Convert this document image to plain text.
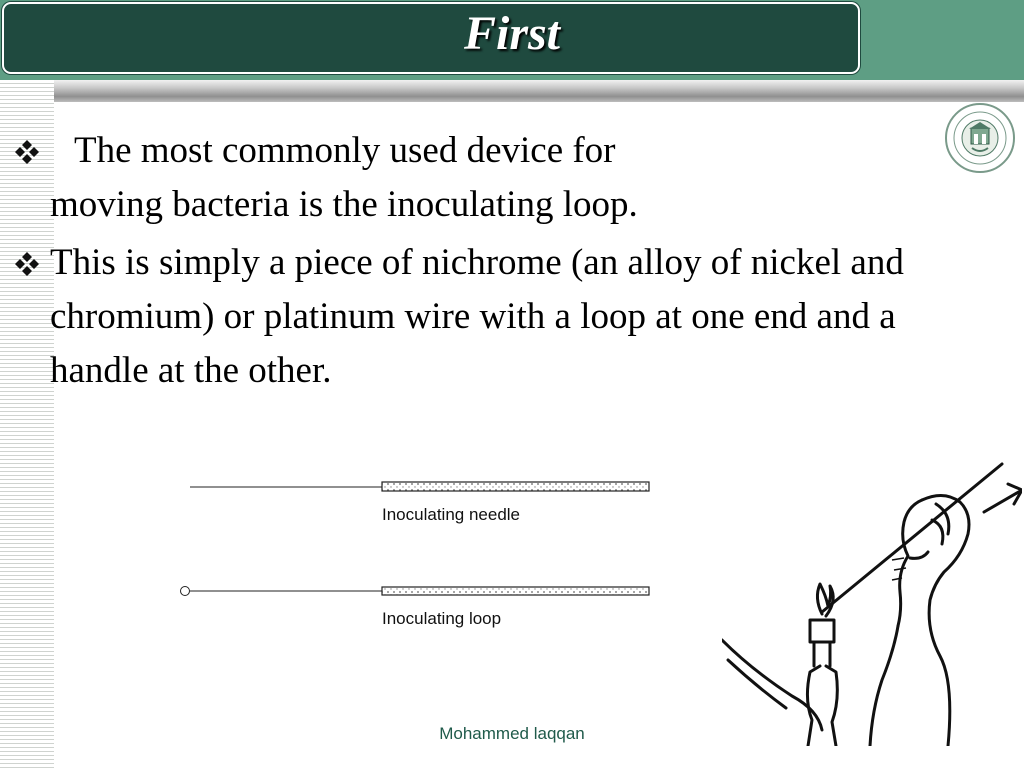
First
The most commonly used device for
moving bacteria is the inoculating loop.
This is simply a piece of nichrome (an alloy of nickel and chromium) or platinum wire with a loop at one end and a handle at the other.
Inoculating needle
Inoculating loop

Mohammed laqqan
